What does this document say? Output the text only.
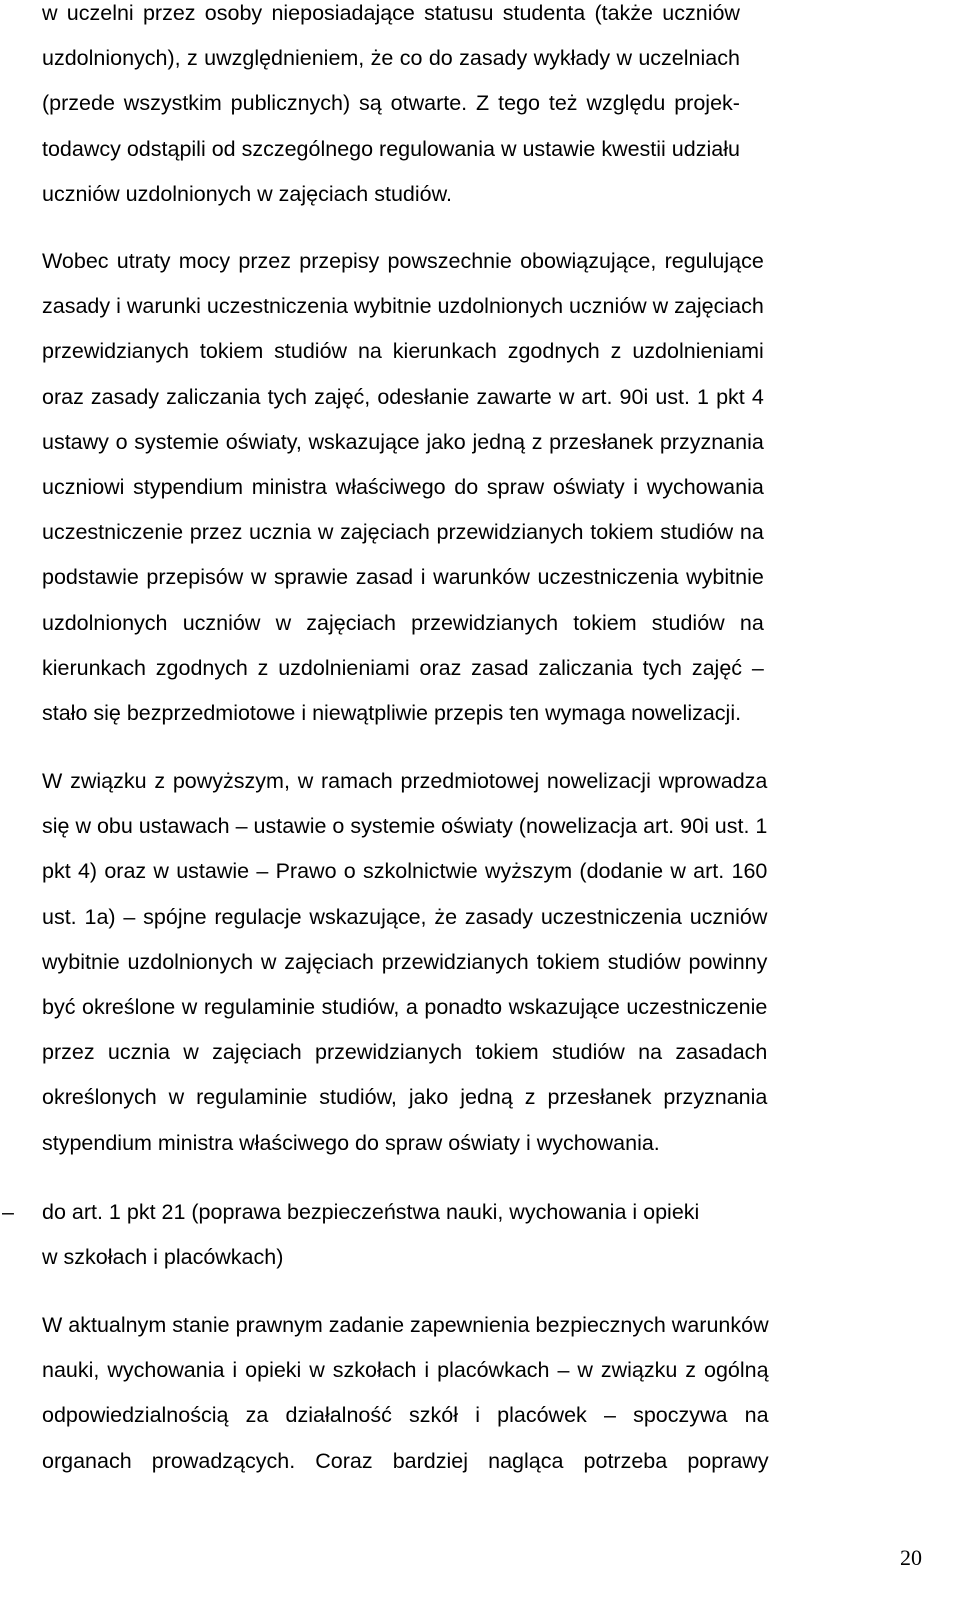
w uczelni przez osoby nieposiadające statusu studenta (także uczniów
uzdolnionych), z uwzględnieniem, że co do zasady wykłady w uczelniach
(przede wszystkim publicznych) są otwarte. Z tego też względu projek-
todawcy odstąpili od szczególnego regulowania w ustawie kwestii udziału
uczniów uzdolnionych w zajęciach studiów.

Wobec utraty mocy przez przepisy powszechnie obowiązujące, regulujące
zasady i warunki uczestniczenia wybitnie uzdolnionych uczniów w zajęciach
przewidzianych tokiem studiów na kierunkach zgodnych z uzdolnieniami
oraz zasady zaliczania tych zajęć, odesłanie zawarte w art. 90i ust. 1 pkt 4
ustawy o systemie oświaty, wskazujące jako jedną z przesłanek przyznania
uczniowi stypendium ministra właściwego do spraw oświaty i wychowania
uczestniczenie przez ucznia w zajęciach przewidzianych tokiem studiów na
podstawie przepisów w sprawie zasad i warunków uczestniczenia wybitnie
uzdolnionych uczniów w zajęciach przewidzianych tokiem studiów na
kierunkach zgodnych z uzdolnieniami oraz zasad zaliczania tych zajęć –
stało się bezprzedmiotowe i niewątpliwie przepis ten wymaga nowelizacji.

W związku z powyższym, w ramach przedmiotowej nowelizacji wprowadza
się w obu ustawach – ustawie o systemie oświaty (nowelizacja art. 90i ust. 1
pkt 4) oraz w ustawie – Prawo o szkolnictwie wyższym (dodanie w art. 160
ust. 1a) – spójne regulacje wskazujące, że zasady uczestniczenia uczniów
wybitnie uzdolnionych w zajęciach przewidzianych tokiem studiów powinny
być określone w regulaminie studiów, a ponadto wskazujące uczestniczenie
przez ucznia w zajęciach przewidzianych tokiem studiów na zasadach
określonych w regulaminie studiów, jako jedną z przesłanek przyznania
stypendium ministra właściwego do spraw oświaty i wychowania.

– do art. 1 pkt 21 (poprawa bezpieczeństwa nauki, wychowania i opieki
w szkołach i placówkach)

W aktualnym stanie prawnym zadanie zapewnienia bezpiecznych warunków
nauki, wychowania i opieki w szkołach i placówkach – w związku z ogólną
odpowiedzialnością za działalność szkół i placówek – spoczywa na
organach prowadzących. Coraz bardziej nagląca potrzeba poprawy

20
